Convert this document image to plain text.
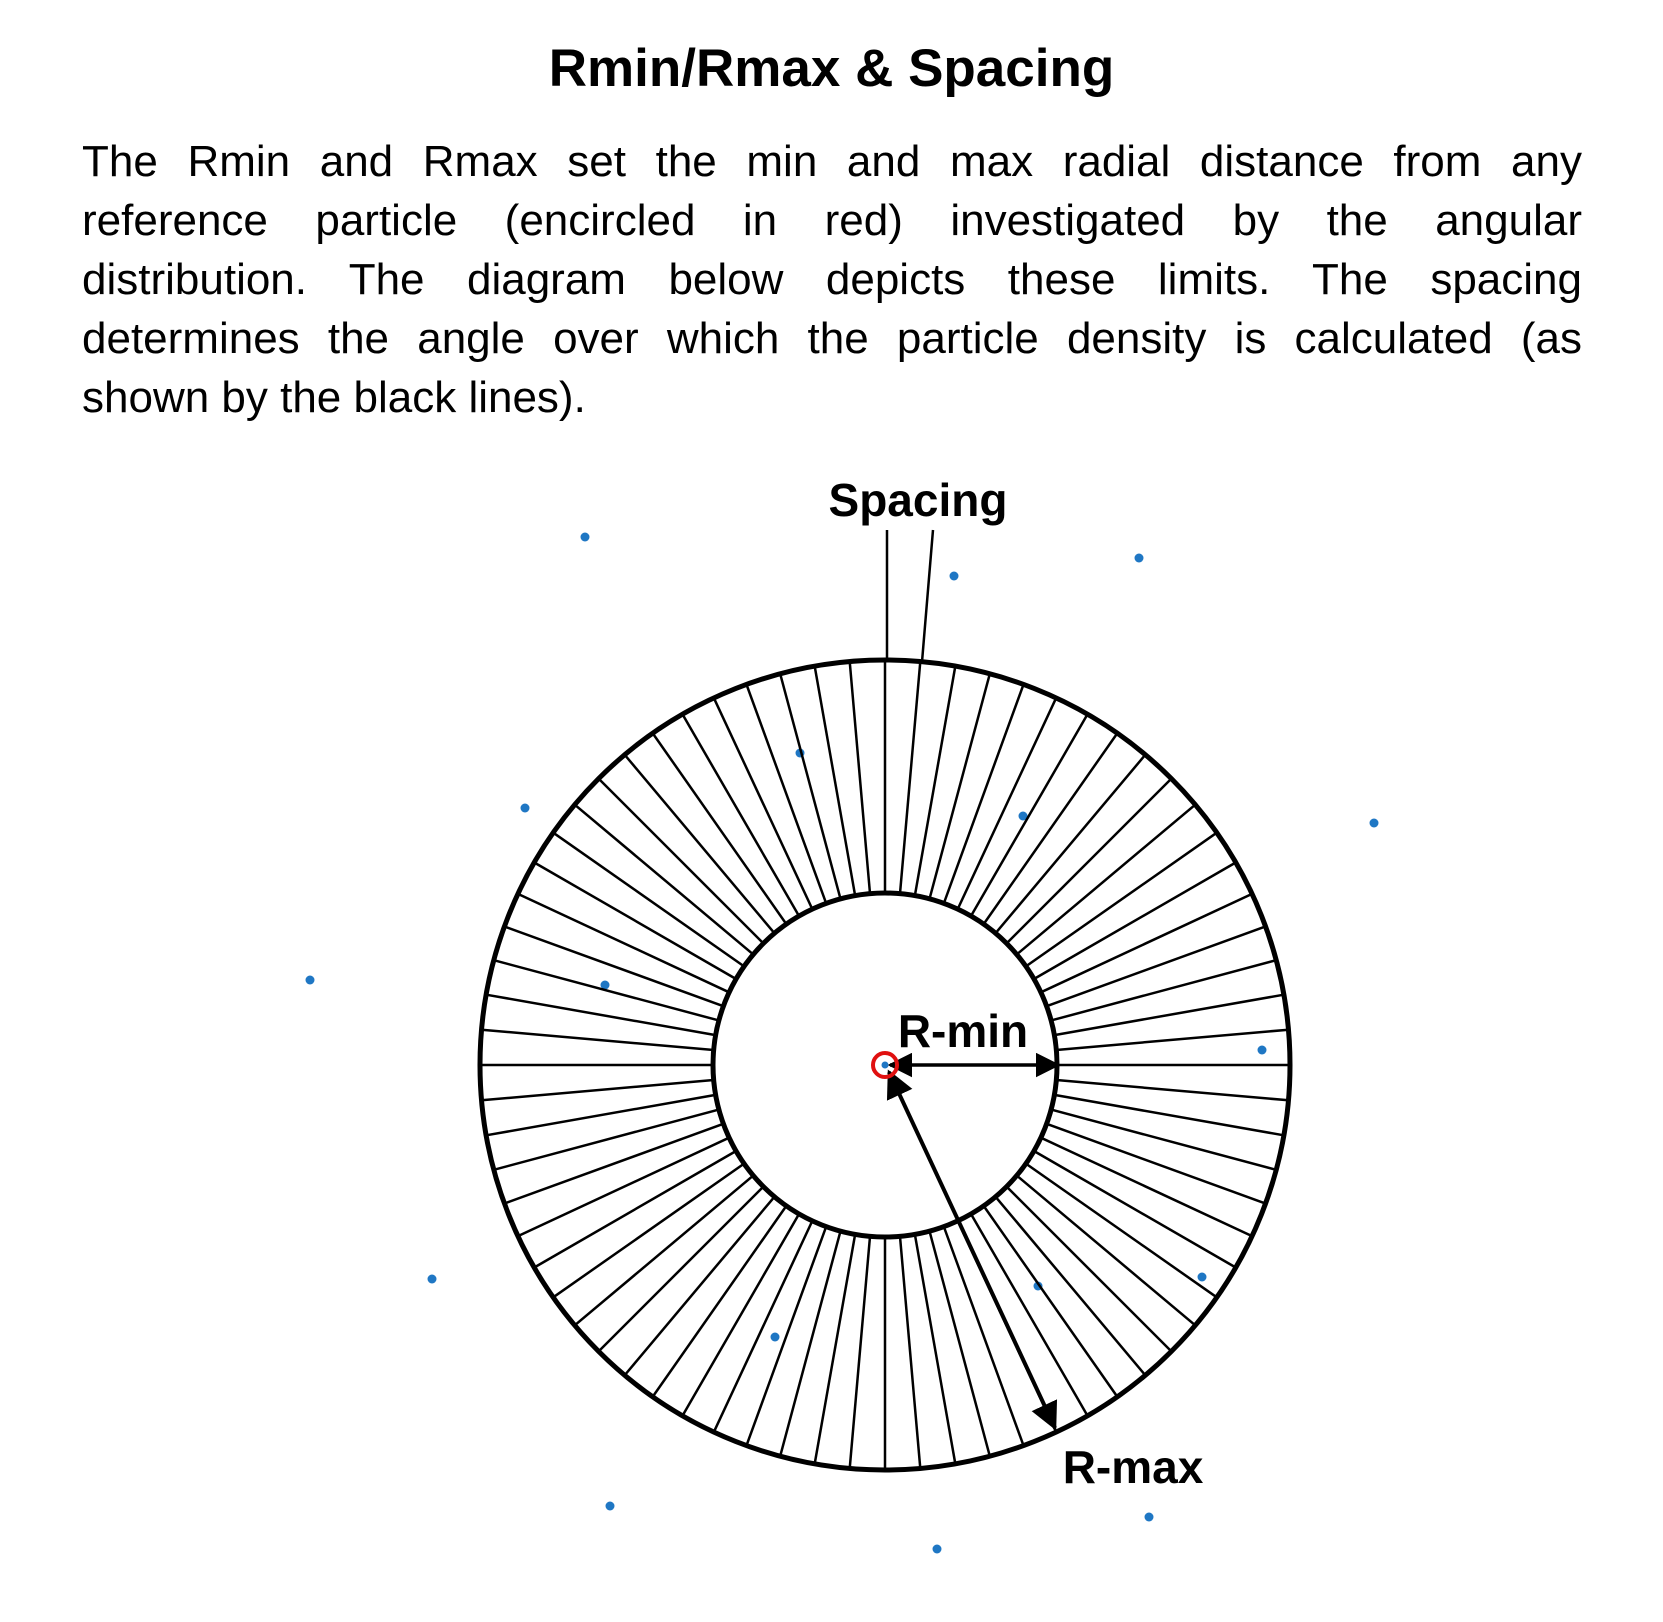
Rmin/Rmax & Spacing
The Rmin and Rmax set the min and max radial distance from any
reference particle (encircled in red) investigated by the angular
distribution. The diagram below depicts these limits. The spacing
determines the angle over which the particle density is calculated (as
shown by the black lines).
Spacing
R-min
R-max
